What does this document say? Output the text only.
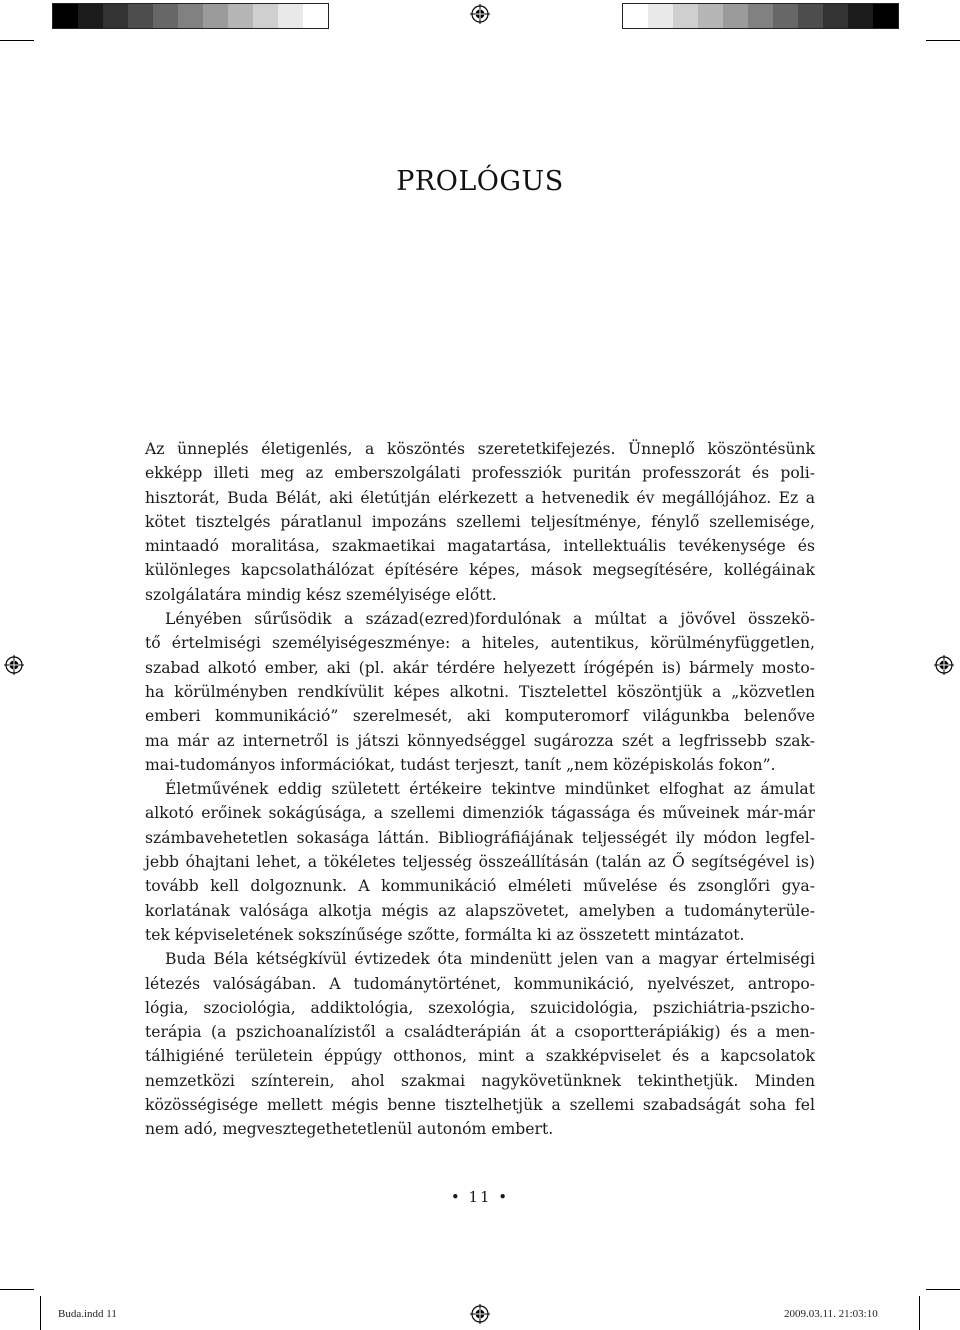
PROLÓGUS
Az ünneplés életigenlés, a köszöntés szeretetkifejezés. Ünneplő köszöntésünk
ekképp illeti meg az emberszolgálati professziók puritán professzorát és poli-
hisztorát, Buda Bélát, aki életútján elérkezett a hetvenedik év megállójához. Ez a
kötet tisztelgés páratlanul impozáns szellemi teljesítménye, fénylő szellemisége,
mintaadó moralitása, szakmaetikai magatartása, intellektuális tevékenysége és
különleges kapcsolathálózat építésére képes, mások megsegítésére, kollégáinak
szolgálatára mindig kész személyisége előtt.
Lényében sűrűsödik a század(ezred)fordulónak a múltat a jövővel összekö-
tő értelmiségi személyiségeszménye: a hiteles, autentikus, körülményfüggetlen,
szabad alkotó ember, aki (pl. akár térdére helyezett írógépén is) bármely mosto-
ha körülményben rendkívülit képes alkotni. Tisztelettel köszöntjük a „közvetlen
emberi kommunikáció” szerelmesét, aki komputeromorf világunkba belenőve
ma már az internetről is játszi könnyedséggel sugározza szét a legfrissebb szak-
mai-tudományos információkat, tudást terjeszt, tanít „nem középiskolás fokon”.
Életművének eddig született értékeire tekintve mindünket elfoghat az ámulat
alkotó erőinek sokágúsága, a szellemi dimenziók tágassága és műveinek már-már
számbavehetetlen sokasága láttán. Bibliográfiájának teljességét ily módon legfel-
jebb óhajtani lehet, a tökéletes teljesség összeállításán (talán az Ő segítségével is)
tovább kell dolgoznunk. A kommunikáció elméleti művelése és zsonglőri gya-
korlatának valósága alkotja mégis az alapszövetet, amelyben a tudományterüle-
tek képviseletének sokszínűsége szőtte, formálta ki az összetett mintázatot.
Buda Béla kétségkívül évtizedek óta mindenütt jelen van a magyar értelmiségi
létezés valóságában. A tudománytörténet, kommunikáció, nyelvészet, antropo-
lógia, szociológia, addiktológia, szexológia, szuicidológia, pszichiátria-pszicho-
terápia (a pszichoanalízistől a családterápián át a csoportterápiákig) és a men-
tálhigiéné területein éppúgy otthonos, mint a szakképviselet és a kapcsolatok
nemzetközi színterein, ahol szakmai nagykövetünknek tekinthetjük. Minden
közösségisége mellett mégis benne tisztelhetjük a szellemi szabadságát soha fel
nem adó, megvesztegethetetlenül autonóm embert.
• 11 •
Buda.indd 11	2009.03.11. 21:03:10
